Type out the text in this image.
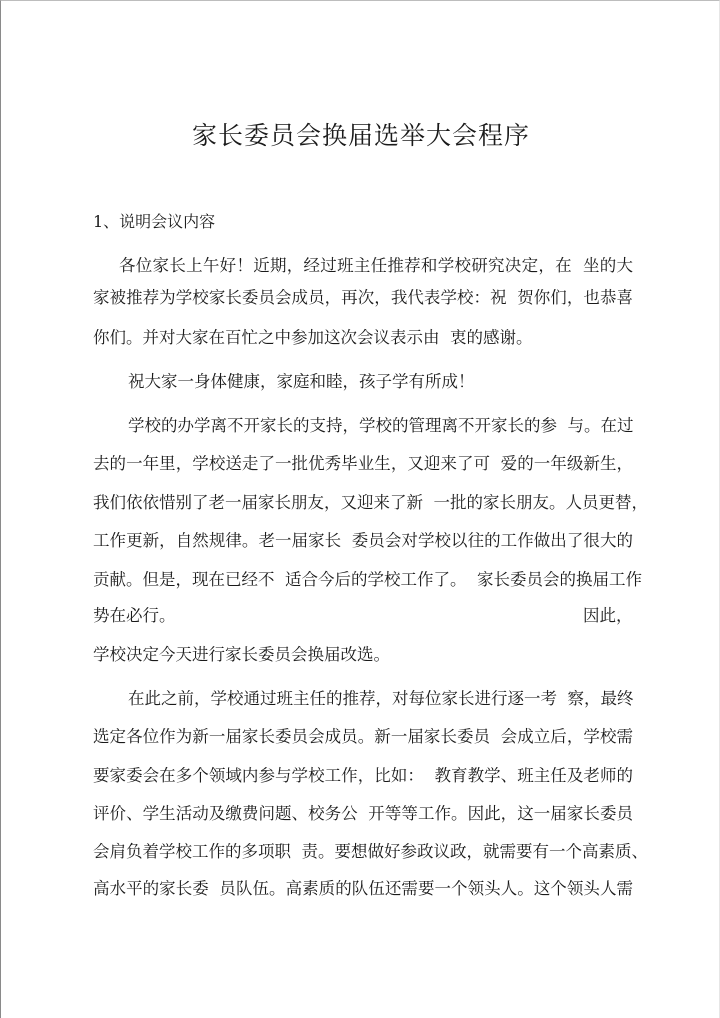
家长委员会换届选举大会程序
1、说明会议内容
各位家长上午好！近期，经过班主任推荐和学校研究决定，在  坐的大
家被推荐为学校家长委员会成员，再次，我代表学校：祝  贺你们，也恭喜
你们。并对大家在百忙之中参加这次会议表示由  衷的感谢。
祝大家一身体健康，家庭和睦，孩子学有所成！
学校的办学离不开家长的支持，学校的管理离不开家长的参  与。在过
去的一年里，学校送走了一批优秀毕业生，又迎来了可  爱的一年级新生，
我们依依惜别了老一届家长朋友，又迎来了新  一批的家长朋友。人员更替，
工作更新，自然规律。老一届家长  委员会对学校以往的工作做出了很大的
贡献。但是，现在已经不  适合今后的学校工作了。  家长委员会的换届工作
势在必行。	因此，
学校决定今天进行家长委员会换届改选。
在此之前，学校通过班主任的推荐，对每位家长进行逐一考  察，最终
选定各位作为新一届家长委员会成员。新一届家长委员  会成立后，学校需
要家委会在多个领域内参与学校工作，比如：  教育教学、班主任及老师的
评价、学生活动及缴费问题、校务公  开等等工作。因此，这一届家长委员
会肩负着学校工作的多项职  责。要想做好参政议政，就需要有一个高素质、
高水平的家长委  员队伍。高素质的队伍还需要一个领头人。这个领头人需
